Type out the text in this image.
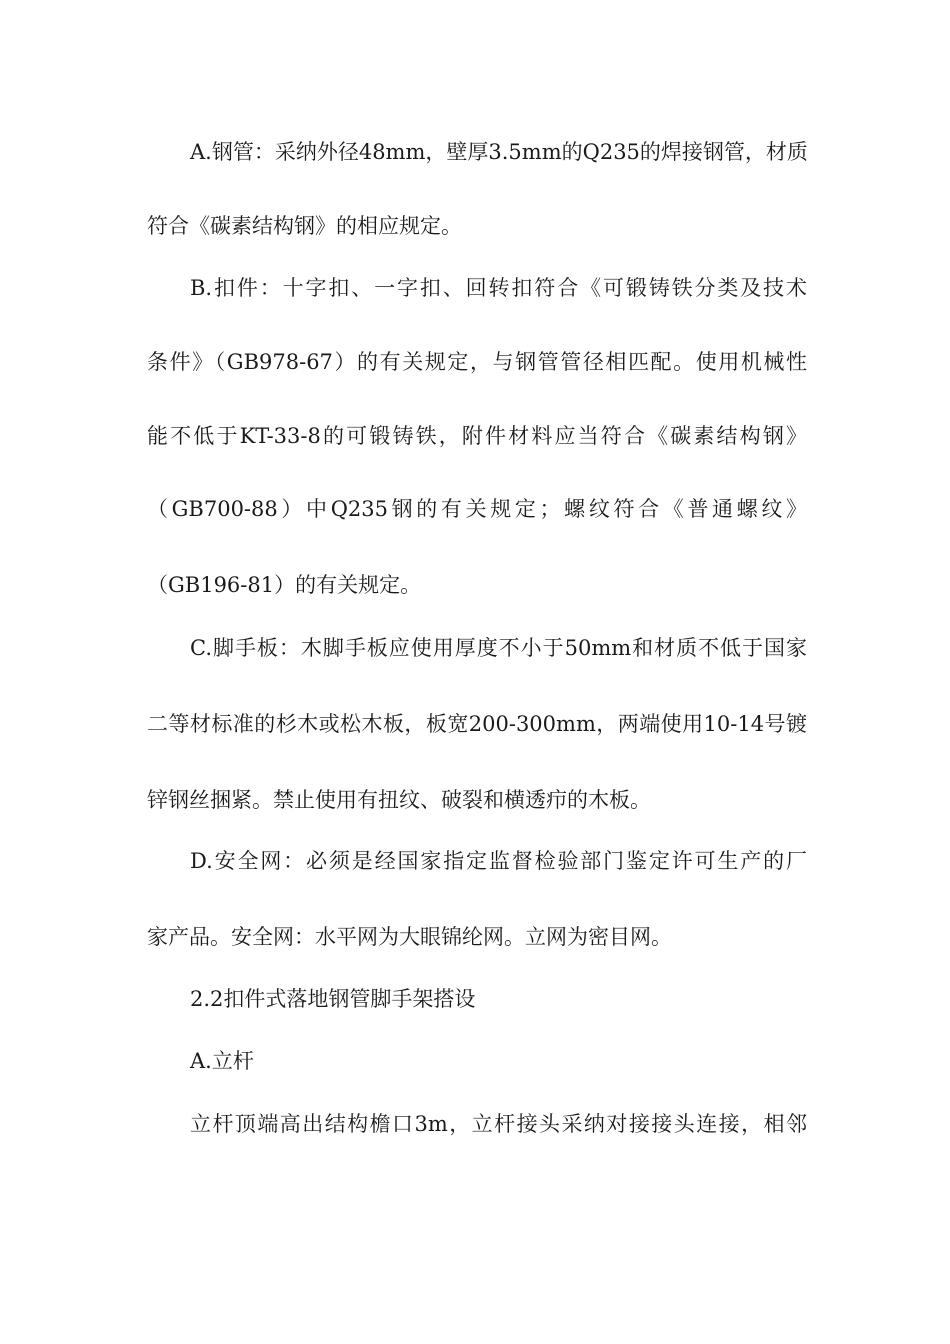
A.钢管：采纳外径48mm，壁厚3.5mm的Q235的焊接钢管，材质
符合《碳素结构钢》的相应规定。
B.扣件：十字扣、一字扣、回转扣符合《可锻铸铁分类及技术
条件》（GB978-67）的有关规定，与钢管管径相匹配。使用机械性
能不低于KT-33-8的可锻铸铁，附件材料应当符合《碳素结构钢》
（GB700-88）中Q235钢的有关规定；螺纹符合《普通螺纹》
（GB196-81）的有关规定。
C.脚手板：木脚手板应使用厚度不小于50mm和材质不低于国家
二等材标准的杉木或松木板，板宽200-300mm，两端使用10-14号镀
锌钢丝捆紧。禁止使用有扭纹、破裂和横透疖的木板。
D.安全网：必须是经国家指定监督检验部门鉴定许可生产的厂
家产品。安全网：水平网为大眼锦纶网。立网为密目网。
2.2扣件式落地钢管脚手架搭设
A.立杆
立杆顶端高出结构檐口3m，立杆接头采纳对接接头连接，相邻
